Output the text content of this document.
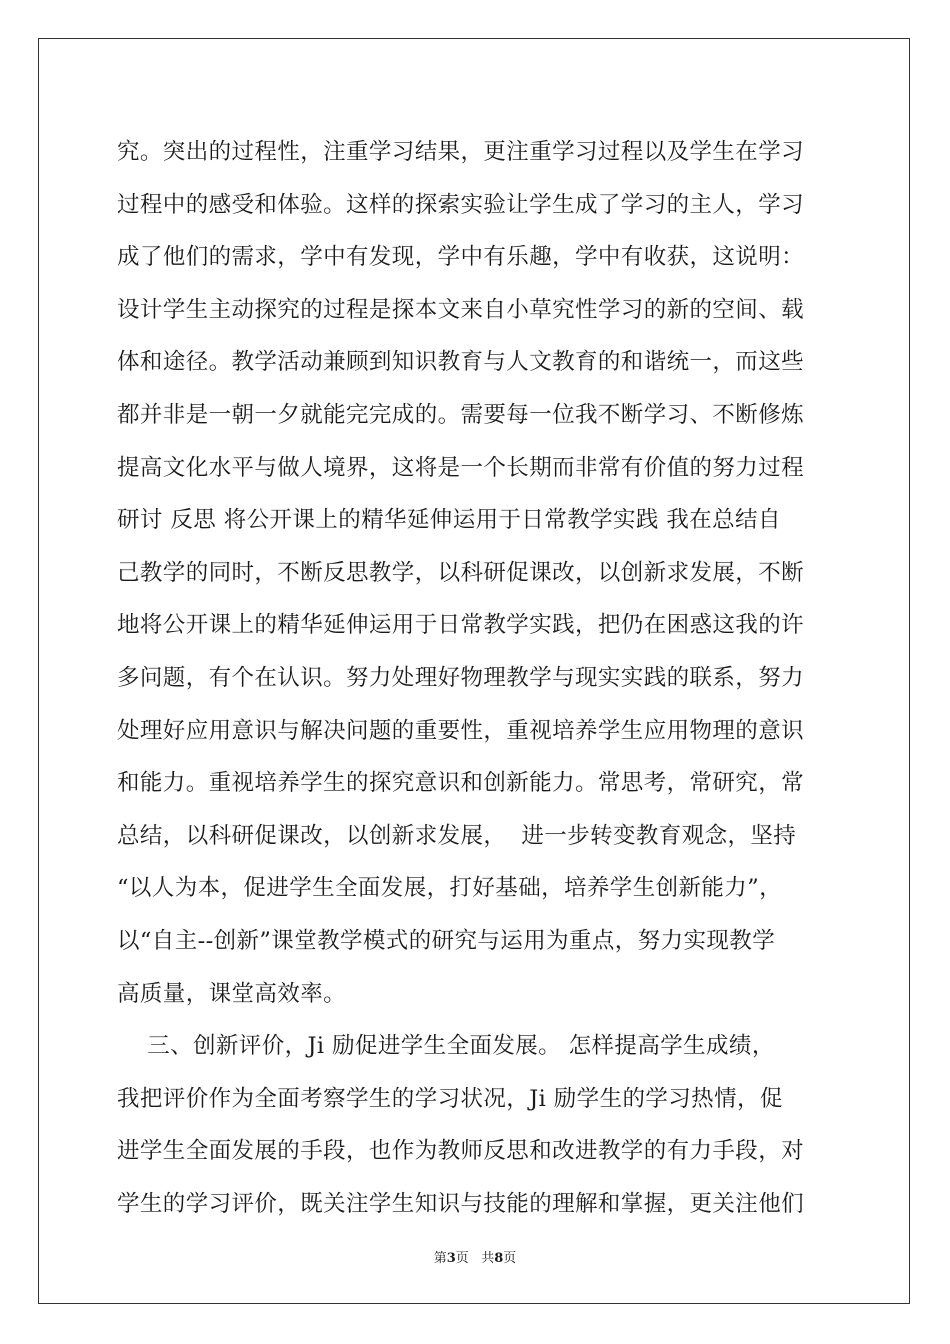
究。突出的过程性，注重学习结果，更注重学习过程以及学生在学习
过程中的感受和体验。这样的探索实验让学生成了学习的主人，学习
成了他们的需求，学中有发现，学中有乐趣，学中有收获，这说明：
设计学生主动探究的过程是探本文来自小草究性学习的新的空间、载
体和途径。教学活动兼顾到知识教育与人文教育的和谐统一，而这些
都并非是一朝一夕就能完完成的。需要每一位我不断学习、不断修炼
提高文化水平与做人境界，这将是一个长期而非常有价值的努力过程
研讨 反思 将公开课上的精华延伸运用于日常教学实践 我在总结自
己教学的同时，不断反思教学，以科研促课改，以创新求发展，不断
地将公开课上的精华延伸运用于日常教学实践，把仍在困惑这我的许
多问题，有个在认识。努力处理好物理教学与现实实践的联系，努力
处理好应用意识与解决问题的重要性，重视培养学生应用物理的意识
和能力。重视培养学生的探究意识和创新能力。常思考，常研究，常
总结，以科研促课改，以创新求发展，  进一步转变教育观念，坚持
“以人为本，促进学生全面发展，打好基础，培养学生创新能力”，
以“自主--创新”课堂教学模式的研究与运用为重点，努力实现教学
高质量，课堂高效率。
三、创新评价，Ji 励促进学生全面发展。 怎样提高学生成绩，
我把评价作为全面考察学生的学习状况，Ji 励学生的学习热情，促
进学生全面发展的手段，也作为教师反思和改进教学的有力手段，对
学生的学习评价，既关注学生知识与技能的理解和掌握，更关注他们
第3页 共8页
